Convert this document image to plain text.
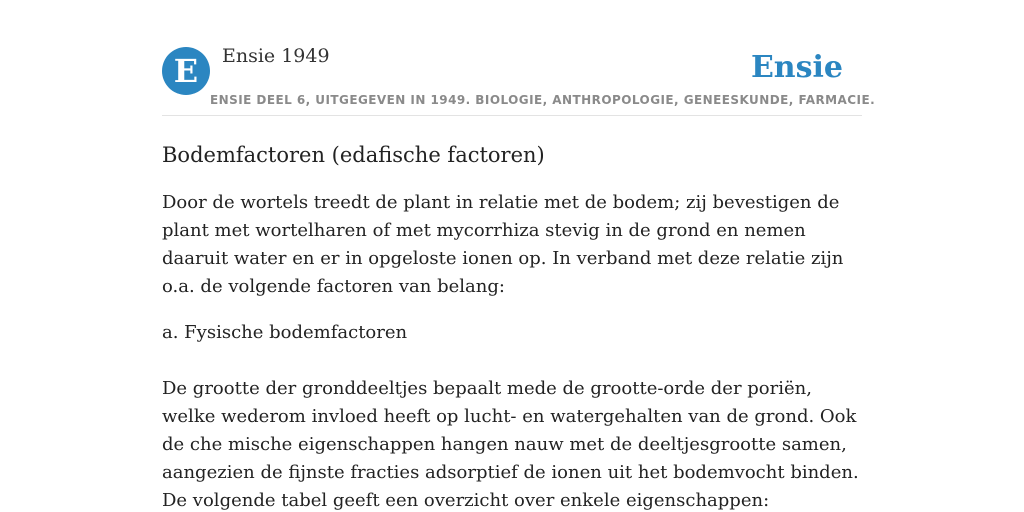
E	Ensie 1949	Ensie
ENSIE DEEL 6, UITGEGEVEN IN 1949. BIOLOGIE, ANTHROPOLOGIE, GENEESKUNDE, FARMACIE.
Bodemfactoren (edafische factoren)

Door de wortels treedt de plant in relatie met de bodem; zij bevestigen de plant met wortelharen of met mycorrhiza stevig in de grond en nemen daaruit water en er in opgeloste ionen op. In verband met deze relatie zijn o.a. de volgende factoren van belang:

a. Fysische bodemfactoren

De grootte der gronddeeltjes bepaalt mede de grootte-orde der poriën, welke wederom invloed heeft op lucht- en watergehalten van de grond. Ook de che mische eigenschappen hangen nauw met de deeltjesgrootte samen, aangezien de fijnste fracties adsorptief de ionen uit het bodemvocht binden. De volgende tabel geeft een overzicht over enkele eigenschappen:
